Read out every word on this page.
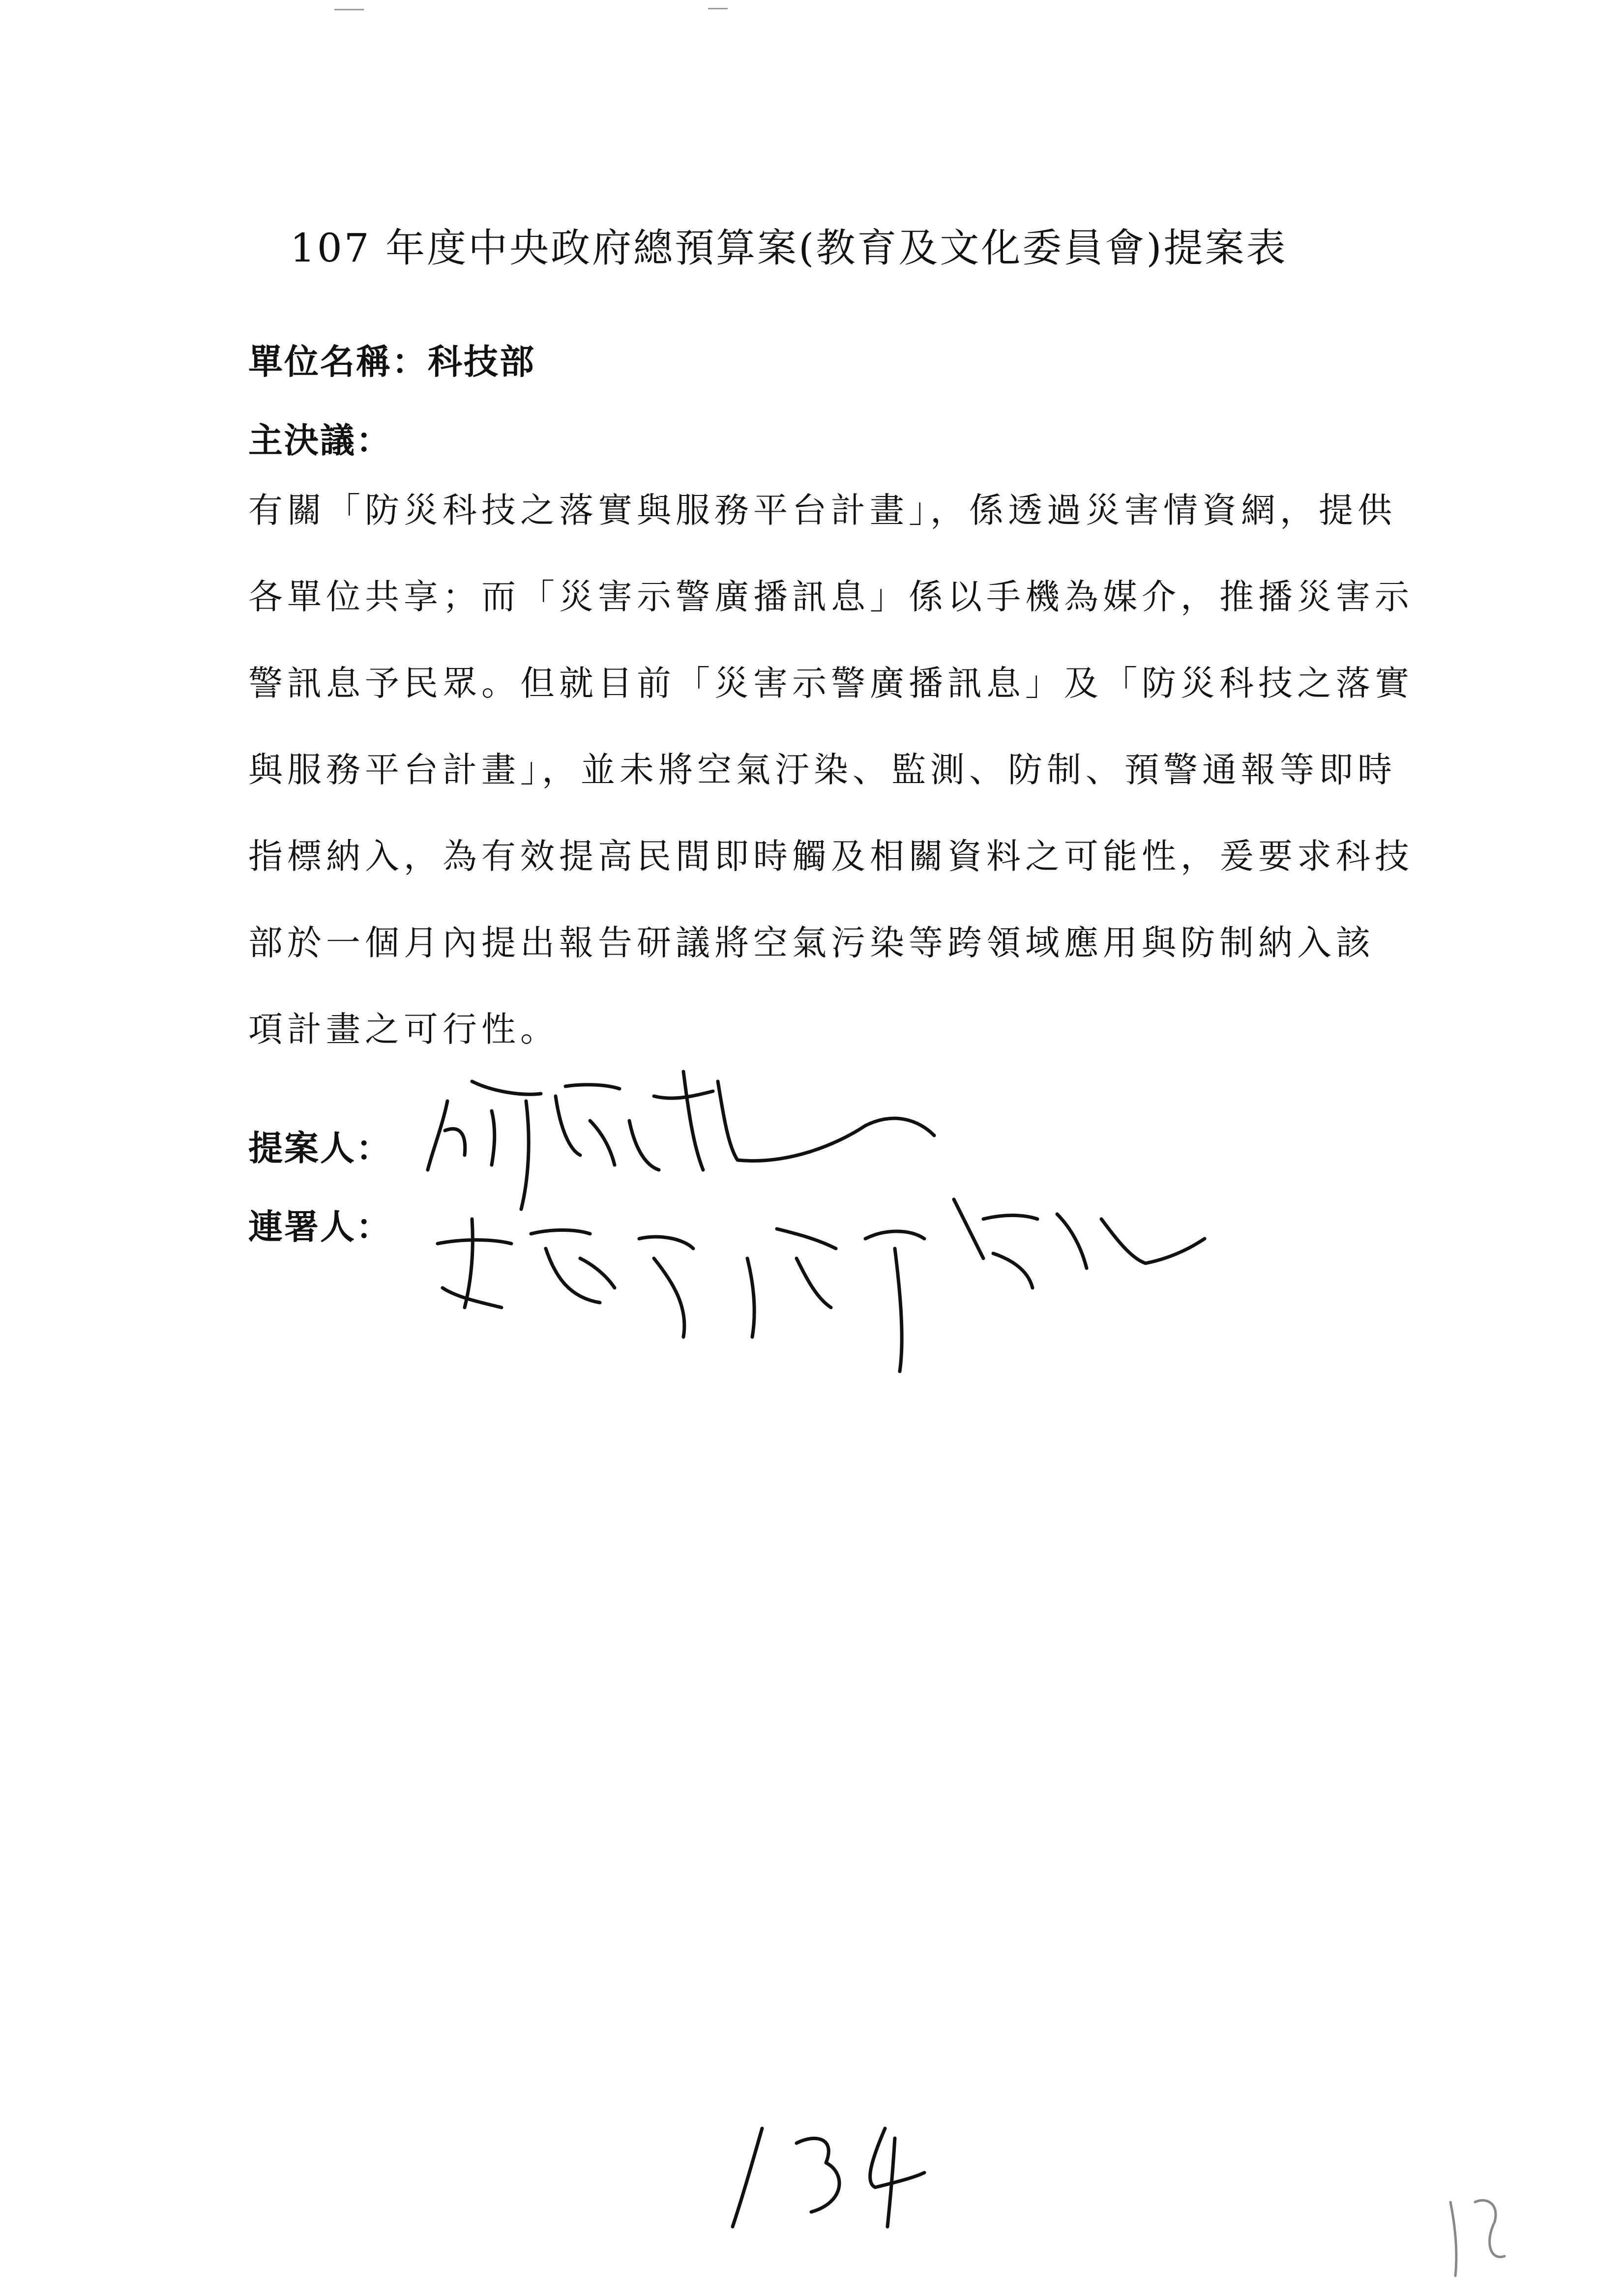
107 年度中央政府總預算案(教育及文化委員會)提案表
單位名稱：科技部
主決議：
有關「防災科技之落實與服務平台計畫」，係透過災害情資網，提供
各單位共享；而「災害示警廣播訊息」係以手機為媒介，推播災害示
警訊息予民眾。但就目前「災害示警廣播訊息」及「防災科技之落實
與服務平台計畫」，並未將空氣汙染、監測、防制、預警通報等即時
指標納入，為有效提高民間即時觸及相關資料之可能性，爰要求科技
部於一個月內提出報告研議將空氣污染等跨領域應用與防制納入該
項計畫之可行性。
提案人：
連署人：
